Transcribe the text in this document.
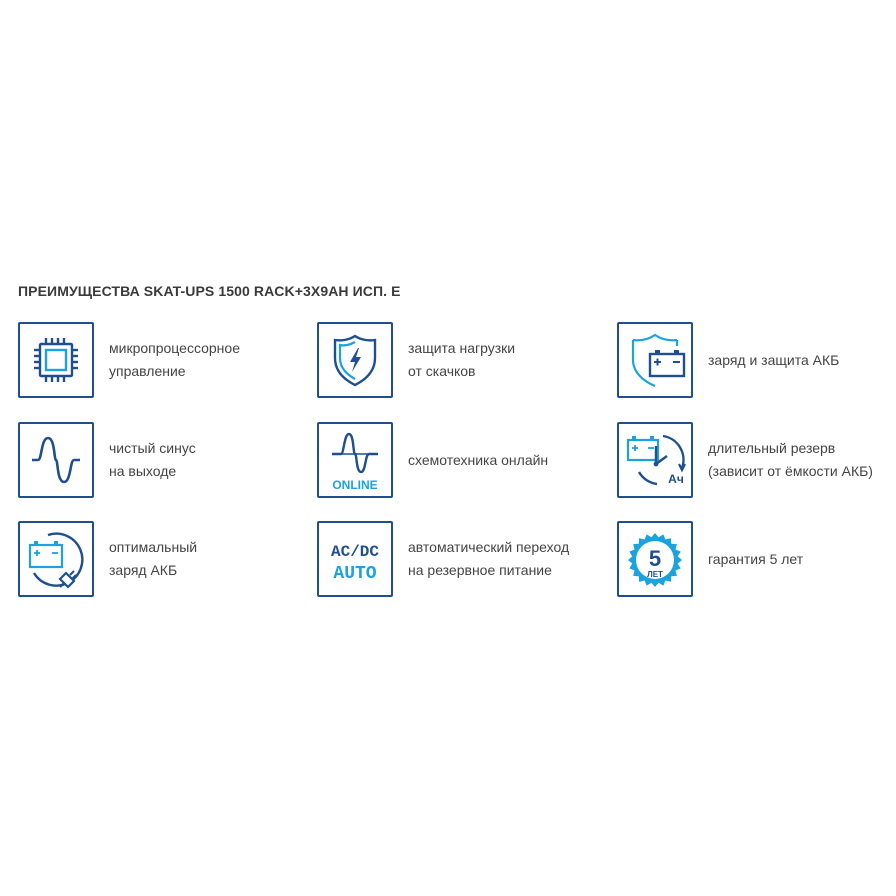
ПРЕИМУЩЕСТВА SKAT-UPS 1500 RACK+3X9AH ИСП. Е
микропроцессорное
управление
защита нагрузки
от скачков
заряд и защита АКБ
чистый синус
на выходе
ONLINE
схемотехника онлайн
Ач
длительный резерв
(зависит от ёмкости АКБ)
оптимальный
заряд АКБ
AC/DC
AUTO
автоматический переход
на резервное питание	5
ЛЕТ
гарантия 5 лет
